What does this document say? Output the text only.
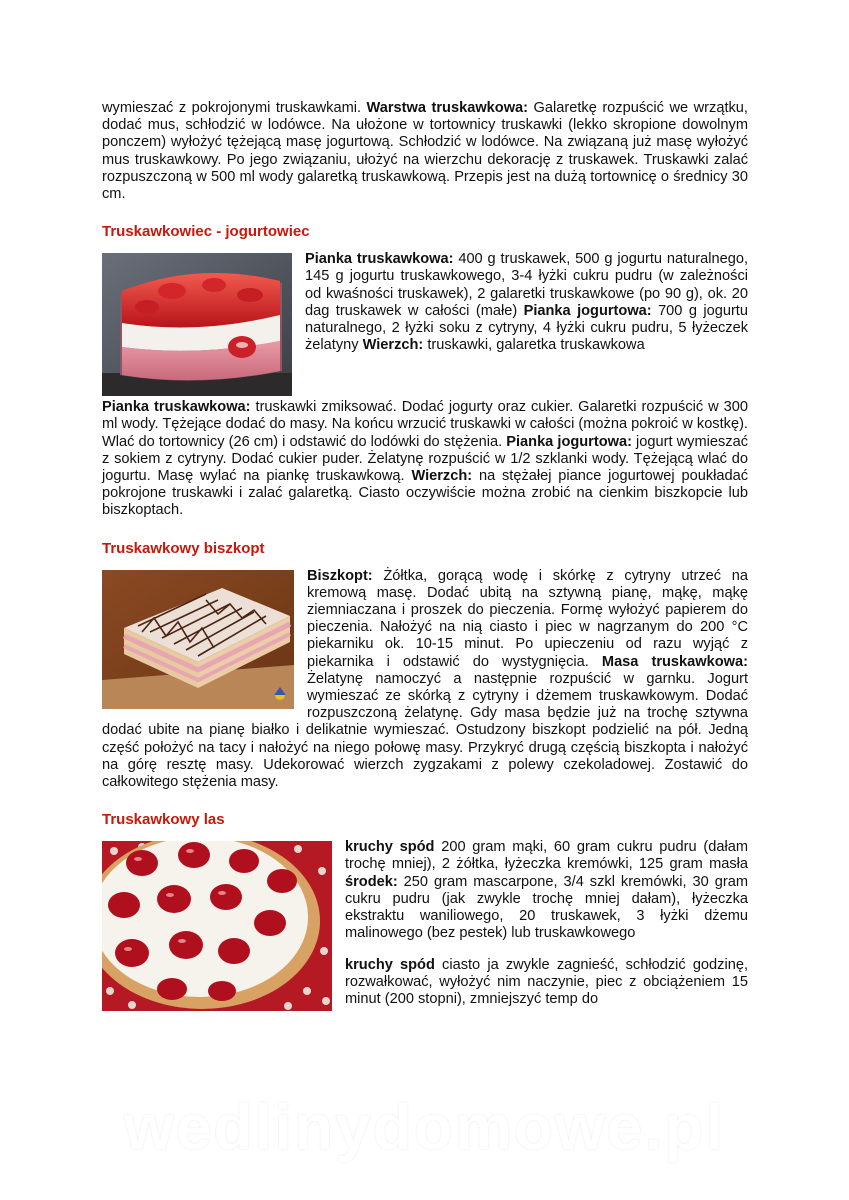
wymieszać z pokrojonymi truskawkami. Warstwa truskawkowa: Galaretkę rozpuścić we wrzątku, dodać mus, schłodzić w lodówce. Na ułożone w tortownicy truskawki (lekko skropione dowolnym ponczem) wyłożyć tężejącą masę jogurtową. Schłodzić w lodówce. Na związaną już masę wyłożyć mus truskawkowy. Po jego związaniu, ułożyć na wierzchu dekorację z truskawek. Truskawki zalać rozpuszczoną w 500 ml wody galaretką truskawkową. Przepis jest na dużą tortownicę o średnicy 30 cm.

Truskawkowiec - jogurtowiec

Pianka truskawkowa: 400 g truskawek, 500 g jogurtu naturalnego, 145 g jogurtu truskawkowego, 3-4 łyżki cukru pudru (w zależności od kwaśności truskawek), 2 galaretki truskawkowe (po 90 g), ok. 20 dag truskawek w całości (małe) Pianka jogurtowa: 700 g jogurtu naturalnego, 2 łyżki soku z cytryny, 4 łyżki cukru pudru, 5 łyżeczek żelatyny Wierzch: truskawki, galaretka truskawkowa

Pianka truskawkowa: truskawki zmiksować. Dodać jogurty oraz cukier. Galaretki rozpuścić w 300 ml wody. Tężejące dodać do masy. Na końcu wrzucić truskawki w całości (można pokroić w kostkę). Wlać do tortownicy (26 cm) i odstawić do lodówki do stężenia. Pianka jogurtowa: jogurt wymieszać z sokiem z cytryny. Dodać cukier puder. Żelatynę rozpuścić w 1/2 szklanki wody. Tężejącą wlać do jogurtu. Masę wylać na piankę truskawkową. Wierzch: na stężałej piance jogurtowej poukładać pokrojone truskawki i zalać galaretką. Ciasto oczywiście można zrobić na cienkim biszkopcie lub biszkoptach.

Truskawkowy biszkopt

Biszkopt: Żółtka, gorącą wodę i skórkę z cytryny utrzeć na kremową masę. Dodać ubitą na sztywną pianę, mąkę, mąkę ziemniaczana i proszek do pieczenia. Formę wyłożyć papierem do pieczenia. Nałożyć na nią ciasto i piec w nagrzanym do 200 °C piekarniku ok. 10-15 minut. Po upieczeniu od razu wyjąć z piekarnika i odstawić do wystygnięcia. Masa truskawkowa: Żelatynę namoczyć a następnie rozpuścić w garnku. Jogurt wymieszać ze skórką z cytryny i dżemem truskawkowym. Dodać rozpuszczoną żelatynę. Gdy masa będzie już na trochę sztywna dodać ubite na pianę białko i delikatnie wymieszać. Ostudzony biszkopt podzielić na pół. Jedną część położyć na tacy i nałożyć na niego połowę masy. Przykryć drugą częścią biszkopta i nałożyć na górę resztę masy. Udekorować wierzch zygzakami z polewy czekoladowej. Zostawić do całkowitego stężenia masy.

Truskawkowy las

kruchy spód 200 gram mąki, 60 gram cukru pudru (dałam trochę mniej), 2 żółtka, łyżeczka kremówki, 125 gram masła środek: 250 gram mascarpone, 3/4 szkl kremówki, 30 gram cukru pudru (jak zwykle trochę mniej dałam), łyżeczka ekstraktu waniliowego, 20 truskawek, 3 łyżki dżemu malinowego (bez pestek) lub truskawkowego

kruchy spód ciasto ja zwykle zagnieść, schłodzić godzinę, rozwałkować, wyłożyć nim naczynie, piec z obciążeniem 15 minut (200 stopni), zmniejszyć temp do

wedlinydomowe.pl
